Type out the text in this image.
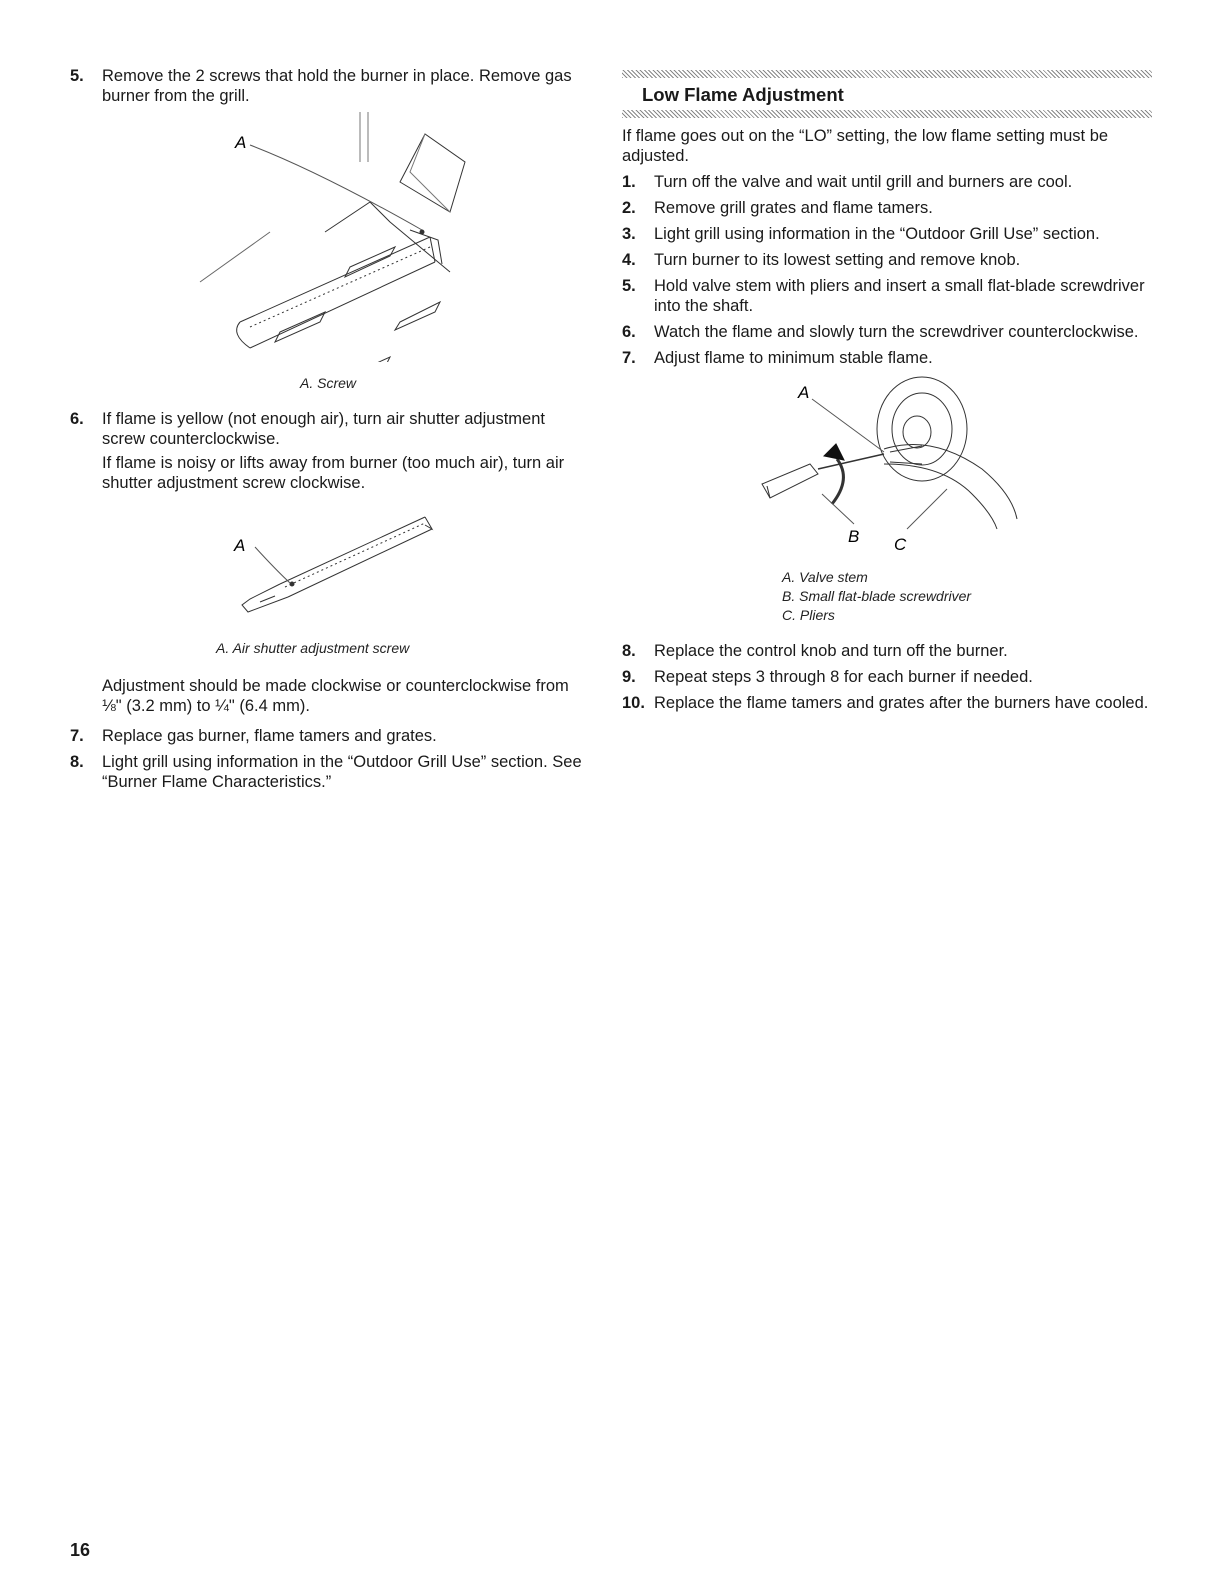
5.	Remove the 2 screws that hold the burner in place. Remove gas burner from the grill.
A
A. Screw
6.	If flame is yellow (not enough air), turn air shutter adjustment screw counterclockwise.
If flame is noisy or lifts away from burner (too much air), turn air shutter adjustment screw clockwise.
A
A. Air shutter adjustment screw
Adjustment should be made clockwise or counterclockwise from ⅛" (3.2 mm) to ¼" (6.4 mm).
7.	Replace gas burner, flame tamers and grates.
8.	Light grill using information in the “Outdoor Grill Use” section. See “Burner Flame Characteristics.”
Low Flame Adjustment
If flame goes out on the “LO” setting, the low flame setting must be adjusted.
1.	Turn off the valve and wait until grill and burners are cool.
2.	Remove grill grates and flame tamers.
3.	Light grill using information in the “Outdoor Grill Use” section.
4.	Turn burner to its lowest setting and remove knob.
5.	Hold valve stem with pliers and insert a small flat-blade screwdriver into the shaft.
6.	Watch the flame and slowly turn the screwdriver counterclockwise.
7.	Adjust flame to minimum stable flame.
A
B C
A. Valve stem
B. Small flat-blade screwdriver
C. Pliers
8.	Replace the control knob and turn off the burner.
9.	Repeat steps 3 through 8 for each burner if needed.
10. Replace the flame tamers and grates after the burners have cooled.
16
